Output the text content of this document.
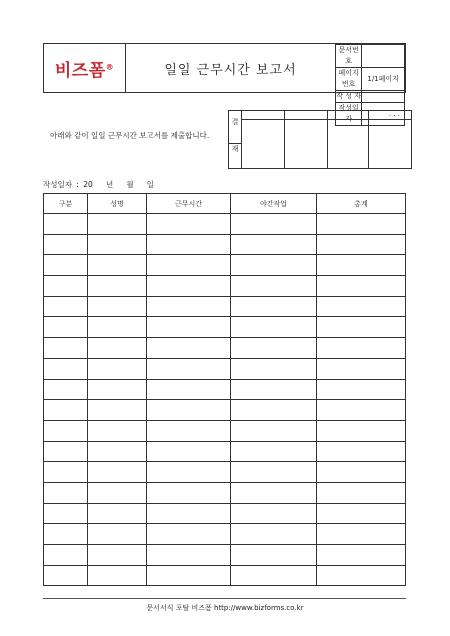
비즈폼®	일일 근무시간 보고서
문서번호	
페이지번호	1/1페이지
작 성 자	
작성일자	. . .
아래와 같이 일일 근무시간 보고서를 제출합니다.
결				

재				
작성일자 : 20   년   월   일
구분	성명	근무시간	야간작업	총계

문서서식 포탈 비즈폼 http://www.bizforms.co.kr
